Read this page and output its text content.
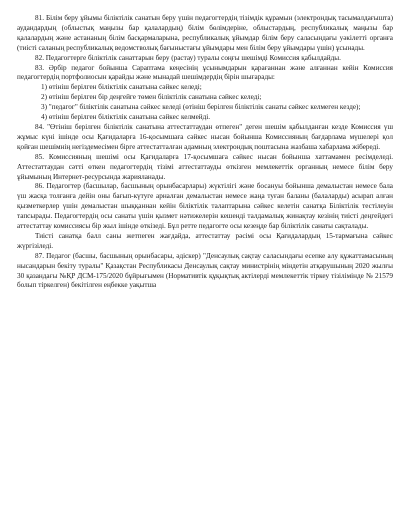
81. Білім беру ұйымы біліктілік санатын беру үшін педагогтердің тізімдік құрамын (электрондық тасымалдағышта) аудандардың (облыстық маңызы бар қалалардың) білім бөлімдеріне, облыстардың, республикалық маңызы бар қалалардың және астананың білім басқармаларына, республикалық ұйымдар білім беру саласындағы уәкілетті органға (тиісті саланың республикалық ведомстволық бағыныстағы ұйымдары мен білім беру ұйымдары үшін) ұсынады.

82. Педагогтерге біліктілік санаттарын беру (растау) туралы соңғы шешімді Комиссия қабылдайды.

83. Әрбір педагог бойынша Сараптама кеңесінің ұсынымдарын қарағаннан және алғаннан кейін Комиссия педагогтердің портфолиосын қарайды және мынадай шешімдердің бірін шығарады:

1) өтініш берілген біліктілік санатына сәйкес келеді;

2) өтініш берілген бір деңгейге төмен біліктілік санатына сәйкес келеді;

3) "педагог" біліктілік санатына сәйкес келеді (өтініш берілген біліктілік санаты сәйкес келмеген кезде);

4) өтініш берілген біліктілік санатына сәйкес келмейді.

84. "Өтініш берілген біліктілік санатына аттестаттаудан өтпеген" деген шешім қабылданған кезде Комиссия үш жұмыс күні ішінде осы Қағидаларға 16-қосымшаға сәйкес нысан бойынша Комиссияның бағдарлама мүшелері қол қойған шешімнің негіздемесімен бірге аттестатталған адамның электрондық поштасына жазбаша хабарлама жібереді.

85. Комиссияның шешімі осы Қағидаларға 17-қосымшаға сәйкес нысан бойынша хаттамамен ресімделеді. Аттестаттаудан сәтті өткен педагогтердің тізімі аттестаттауды өткізген мемлекеттік органның немесе білім беру ұйымының Интернет-ресурсында жарияланады.

86. Педагогтер (басшылар, басшының орынбасарлары) жүктілігі және босануы бойынша демалыстан немесе бала үш жасқа толғанға дейін оны бағып-күтуге арналған демалыстан немесе жаңа туған баланы (балаларды) асырап алған қызметкерлер үшін демалыстан шыққаннан кейін біліктілік талаптарына сәйкес келетін санатқа Біліктілік тестілеуін тапсырады. Педагогтердің осы санаты үшін қызмет нәтижелерін кешенді талдамалық жинақтау кезінің тиісті деңгейдегі аттестаттау комиссиясы бір жыл ішінде өткізеді. Бұл ретте педагогте осы кезеңде бар біліктілік санаты сақталады.

Тиісті санатқа балл саны жетпеген жағдайда, аттестаттау рәсімі осы Қағидалардың 15-тармағына сәйкес жүргізіледі.

87. Педагог (басшы, басшының орынбасары, әдіскер) "Денсаулық сақтау саласындағы есепке алу құжаттамасының нысандарын бекіту туралы" Қазақстан Республикасы Денсаулық сақтау министрінің міндетін атқарушының 2020 жылғы 30 қазандағы №ҚР ДСМ-175/2020 бұйрығымен (Нормативтік құқықтық актілерді мемлекеттік тіркеу тізілімінде № 21579 болып тіркелген) бекітілген еңбекке уақытша
